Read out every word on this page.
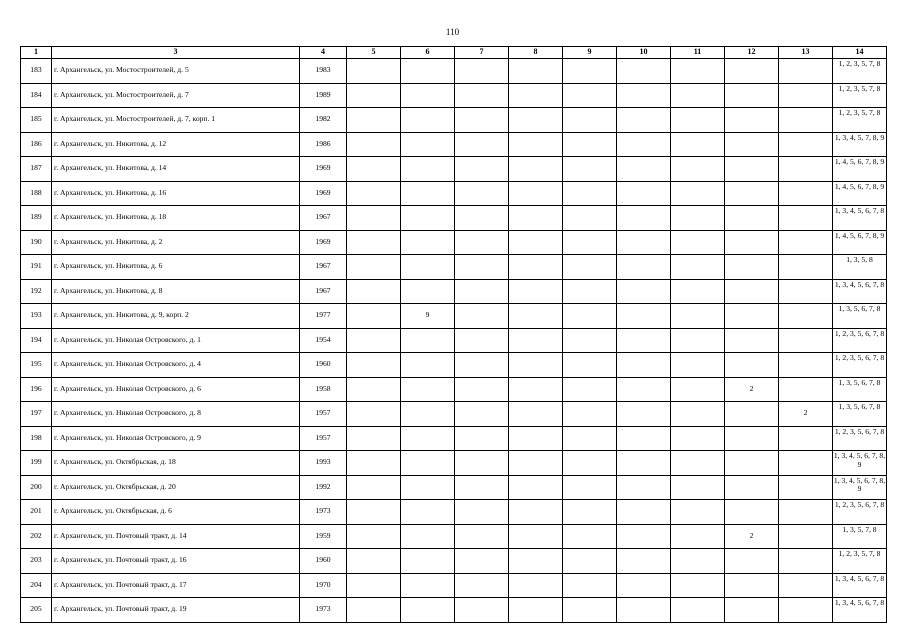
110
1	3	4	5	6	7	8	9	10	11	12	13	14
183	г. Архангельск, ул. Мостостроителей, д. 5	1983										1, 2, 3, 5, 7, 8
184	г. Архангельск, ул. Мостостроителей, д. 7	1989										1, 2, 3, 5, 7, 8
185	г. Архангельск, ул. Мостостроителей, д. 7, корп. 1	1982										1, 2, 3, 5, 7, 8
186	г. Архангельск, ул. Никитова, д. 12	1986										1, 3, 4, 5, 7, 8, 9
187	г. Архангельск, ул. Никитова, д. 14	1969										1, 4, 5, 6, 7, 8, 9
188	г. Архангельск, ул. Никитова, д. 16	1969										1, 4, 5, 6, 7, 8, 9
189	г. Архангельск, ул. Никитова, д. 18	1967										1, 3, 4, 5, 6, 7, 8
190	г. Архангельск, ул. Никитова, д. 2	1969										1, 4, 5, 6, 7, 8, 9
191	г. Архангельск, ул. Никитова, д. 6	1967										1, 3, 5, 8
192	г. Архангельск, ул. Никитова, д. 8	1967										1, 3, 4, 5, 6, 7, 8
193	г. Архангельск, ул. Никитова, д. 9, корп. 2	1977		9								1, 3, 5, 6, 7, 8
194	г. Архангельск, ул. Николая Островского, д. 1	1954										1, 2, 3, 5, 6, 7, 8
195	г. Архангельск, ул. Николая Островского, д. 4	1960										1, 2, 3, 5, 6, 7, 8
196	г. Архангельск, ул. Николая Островского, д. 6	1958								2		1, 3, 5, 6, 7, 8
197	г. Архангельск, ул. Николая Островского, д. 8	1957									2	1, 3, 5, 6, 7, 8
198	г. Архангельск, ул. Николая Островского, д. 9	1957										1, 2, 3, 5, 6, 7, 8
199	г. Архангельск, ул. Октябрьская, д. 18	1993										1, 3, 4, 5, 6, 7, 8, 9
200	г. Архангельск, ул. Октябрьская, д. 20	1992										1, 3, 4, 5, 6, 7, 8, 9
201	г. Архангельск, ул. Октябрьская, д. 6	1973										1, 2, 3, 5, 6, 7, 8
202	г. Архангельск, ул. Почтовый тракт, д. 14	1959								2		1, 3, 5, 7, 8
203	г. Архангельск, ул. Почтовый тракт, д. 16	1960										1, 2, 3, 5, 7, 8
204	г. Архангельск, ул. Почтовый тракт, д. 17	1970										1, 3, 4, 5, 6, 7, 8
205	г. Архангельск, ул. Почтовый тракт, д. 19	1973										1, 3, 4, 5, 6, 7, 8
